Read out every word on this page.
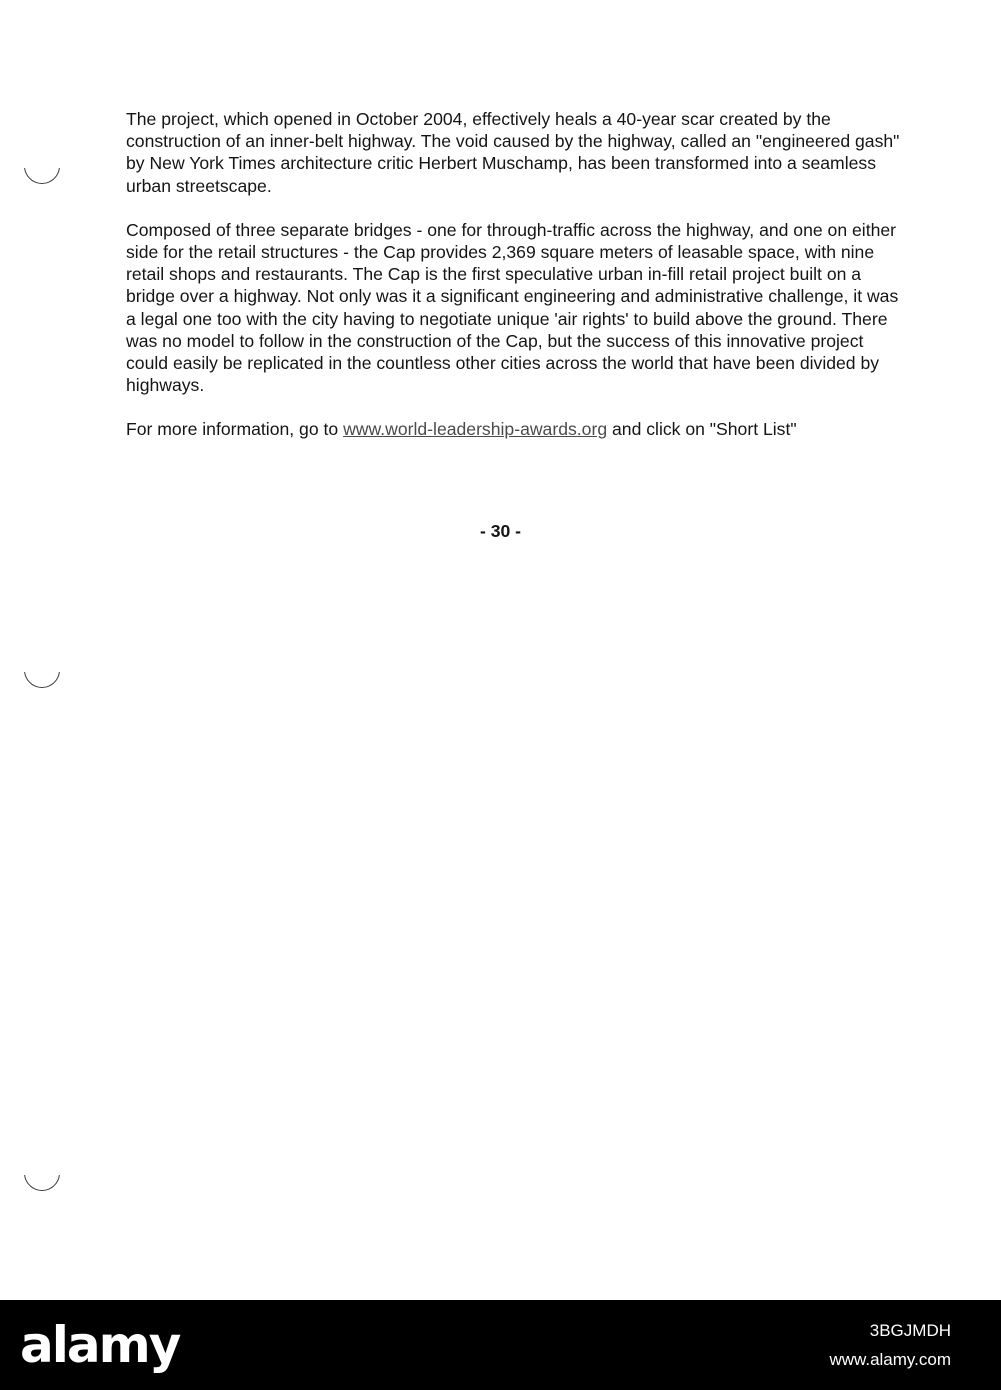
The project, which opened in October 2004, effectively heals a 40-year scar created by the construction of an inner-belt highway. The void caused by the highway, called an "engineered gash" by New York Times architecture critic Herbert Muschamp, has been transformed into a seamless urban streetscape.

Composed of three separate bridges - one for through-traffic across the highway, and one on either side for the retail structures - the Cap provides 2,369 square meters of leasable space, with nine retail shops and restaurants. The Cap is the first speculative urban in-fill retail project built on a bridge over a highway. Not only was it a significant engineering and administrative challenge, it was a legal one too with the city having to negotiate unique 'air rights' to build above the ground. There was no model to follow in the construction of the Cap, but the success of this innovative project could easily be replicated in the countless other cities across the world that have been divided by highways.

For more information, go to www.world-leadership-awards.org and click on "Short List"

- 30 -
alamy	3BGJMDH
www.alamy.com
